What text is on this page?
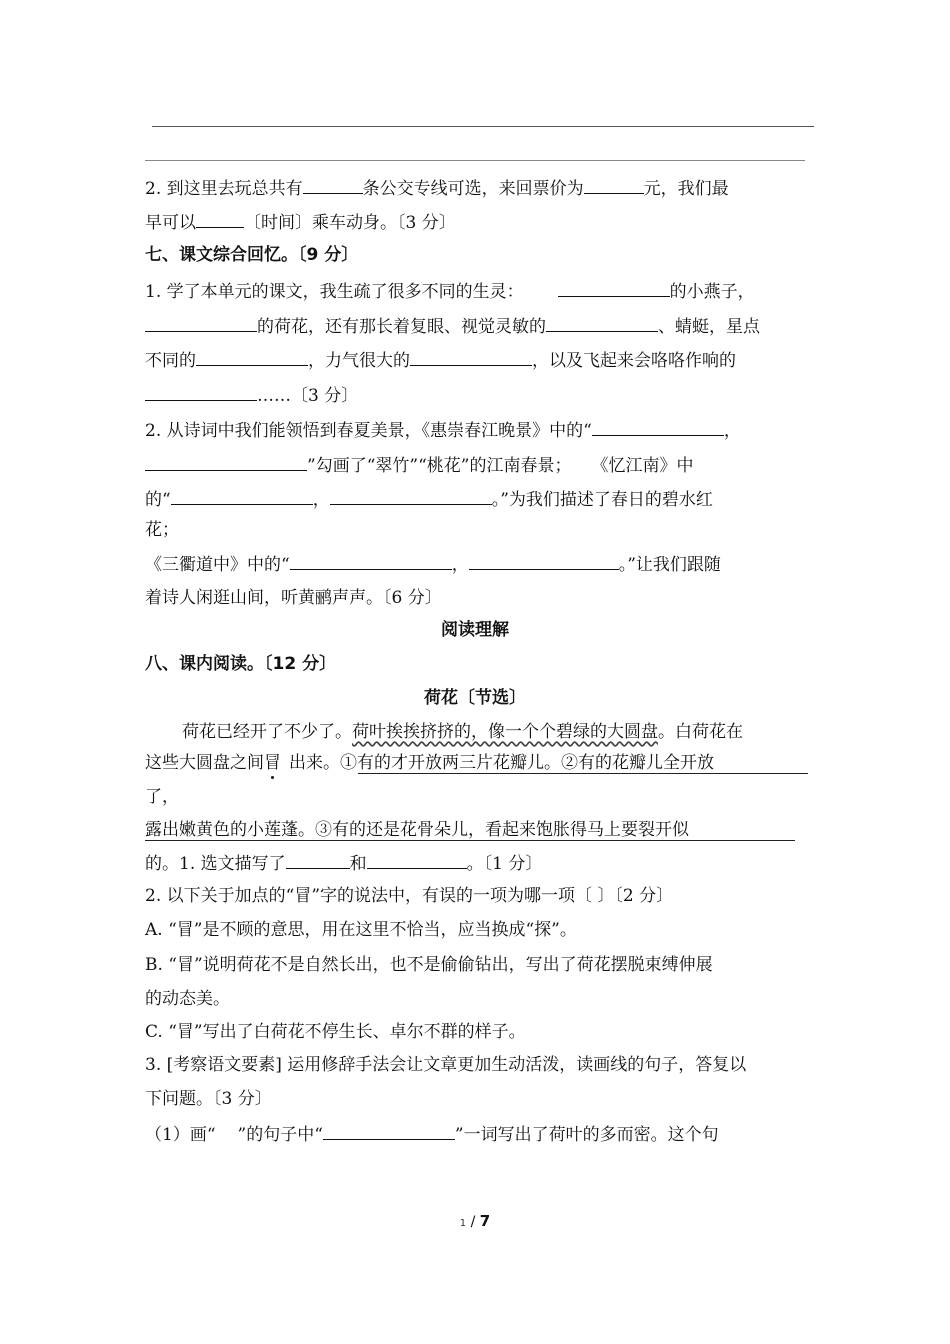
2. 到这里去玩总共有	条公交专线可选，来回票价为	元，我们最
早可以	〔时间〕乘车动身。〔3 分〕
七、课文综合回忆。〔9 分〕
1. 学了本单元的课文，我生疏了很多不同的生灵：	的小燕子，
的荷花，还有那长着复眼、视觉灵敏的	、蜻蜓，星点
不同的	，力气很大的	，以及飞起来会咯咯作响的
……〔3 分〕
2. 从诗词中我们能领悟到春夏美景，《惠崇春江晚景》中的“	，
”勾画了“翠竹”“桃花”的江南春景； 《忆江南》中
的“	，	。”为我们描述了春日的碧水红
花；
《三衢道中》中的“	，	。”让我们跟随
着诗人闲逛山间，听黄鹂声声。〔6 分〕
阅读理解
八、课内阅读。〔12 分〕
荷花〔节选〕
荷花已经开了不少了。荷叶挨挨挤挤的，像一个个碧绿的大圆盘。白荷花在
这些大圆盘之间冒 出来。①有的才开放两三片花瓣儿。②有的花瓣儿全开放
了，
露出嫩黄色的小莲蓬。③有的还是花骨朵儿，看起来饱胀得马上要裂开似
的。1. 选文描写了	和	。〔1 分〕
2. 以下关于加点的“冒”字的说法中，有误的一项为哪一项〔 〕〔2 分〕
A. “冒”是不顾的意思，用在这里不恰当，应当换成“探”。
B. “冒”说明荷花不是自然长出，也不是偷偷钻出，写出了荷花摆脱束缚伸展
的动态美。
C. “冒”写出了白荷花不停生长、卓尔不群的样子。
3. [考察语文要素] 运用修辞手法会让文章更加生动活泼，读画线的句子，答复以
下问题。〔3 分〕
（1）画“ ”的句子中“	”一词写出了荷叶的多而密。这个句
1 / 7
